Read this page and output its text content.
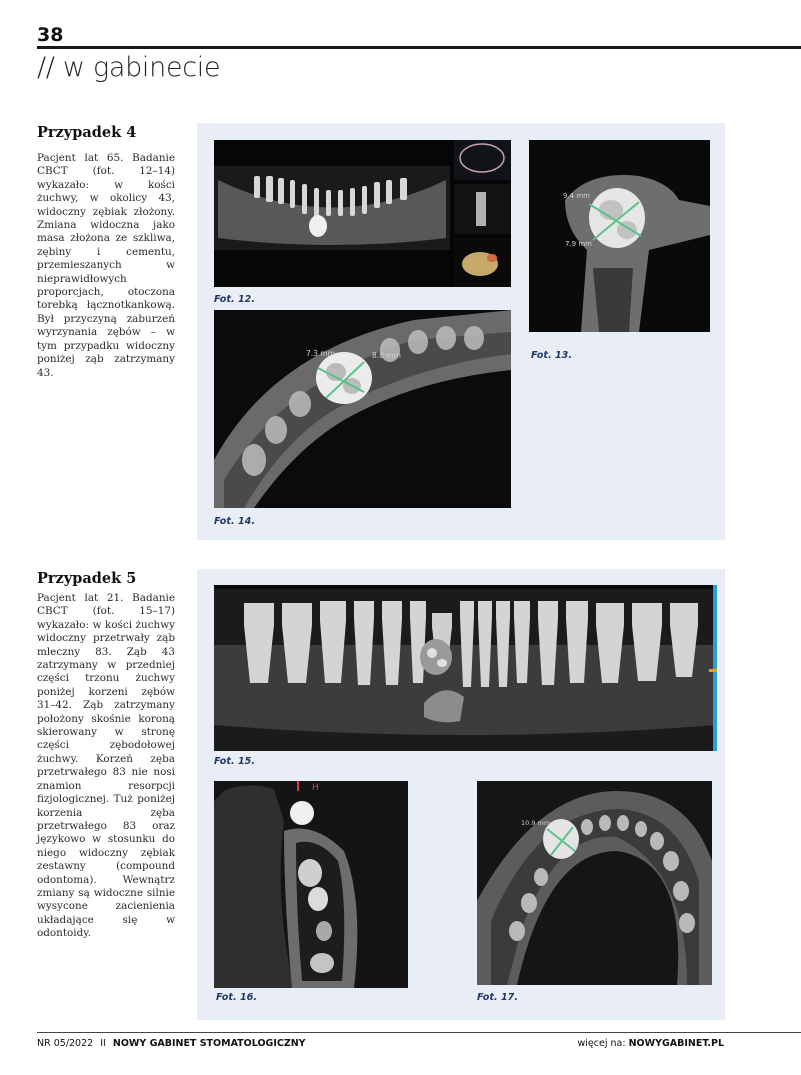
38
// w gabinecie
Przypadek 4
Pacjent lat 65. Badanie CBCT (fot. 12–14) wykazało: w kości żuchwy, w okolicy 43, widoczny zębiak złożony. Zmiana widoczna jako masa złożona ze szkliwa, zębiny i cementu, przemieszanych w nieprawidłowych proporcjach, otoczona torebką łącznotkankową. Był przyczyną zaburzeń wyrzynania zębów – w tym przypadku widoczny poniżej ząb zatrzymany 43.
Fot. 12.
9.4 mm
7.9 mm
Fot. 13.
7.3 mm	8.0 mm
Fot. 14.
Przypadek 5
Pacjent lat 21. Badanie CBCT (fot. 15–17) wykazało: w kości żuchwy widoczny przetrwały ząb mleczny 83. Ząb 43 zatrzymany w przedniej części trzonu żuchwy poniżej korzeni zębów 31–42. Ząb zatrzymany położony skośnie koroną skierowany w stronę części zębodołowej żuchwy. Korzeń zęba przetrwałego 83 nie nosi znamion resorpcji fizjologicznej. Tuż poniżej korzenia zęba przetrwałego 83 oraz językowo w stosunku do niego widoczny zębiak zestawny (compound odontoma). Wewnątrz zmiany są widoczne silnie wysycone zacienienia układające się w odontoidy.
Fot. 15.
H
Fot. 16.
10.9 mm
Fot. 17.
NR 05/2022 II NOWY GABINET STOMATOLOGICZNY	więcej na: NOWYGABINET.PL
